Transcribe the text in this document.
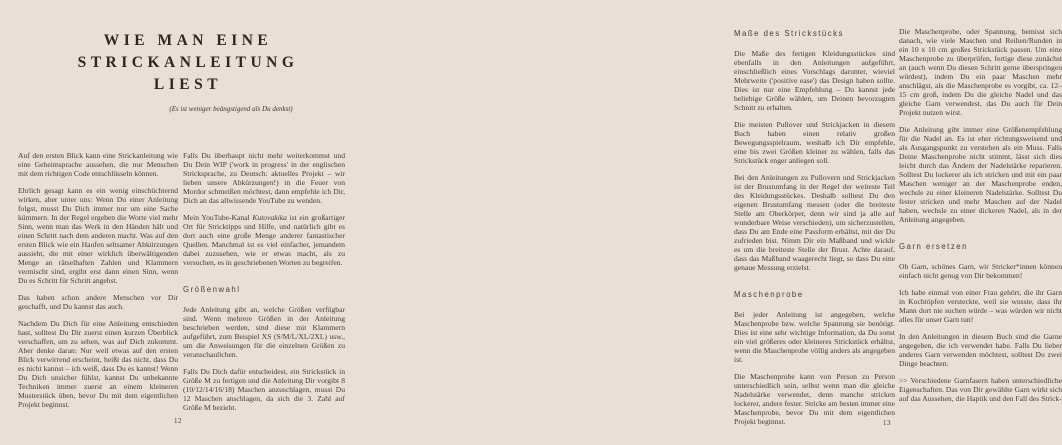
WIE MAN EINE
STRICKANLEITUNG
LIEST

(Es ist weniger beängstigend als Du denkst)

Auf den ersten Blick kann eine Strickanleitung wie eine Geheimsprache aussehen, die nur Menschen mit dem richtigen Code entschlüsseln können.

Ehrlich gesagt kann es ein wenig einschüchternd wirken, aber unter uns: Wenn Du einer Anleitung folgst, musst Du Dich immer nur um eine Sache kümmern. In der Regel ergeben die Worte viel mehr Sinn, wenn man das Werk in den Händen hält und einen Schritt nach dem anderen macht. Was auf den ersten Blick wie ein Haufen seltsamer Abkürzungen aussieht, die mit einer wirklich überwältigenden Menge an rätselhaften Zahlen und Klammern vermischt sind, ergibt erst dann einen Sinn, wenn Du es Schritt für Schritt angehst.

Das haben schon andere Menschen vor Dir geschafft, und Du kannst das auch.

Nachdem Du Dich für eine Anleitung entschieden hast, solltest Du Dir zuerst einen kurzen Überblick verschaffen, um zu sehen, was auf Dich zukommt. Aber denke daran: Nur weil etwas auf den ersten Blick verwirrend erscheint, heißt das nicht, dass Du es nicht kannst – ich weiß, dass Du es kannst! Wenn Du Dich unsicher fühlst, kannst Du unbekannte Techniken immer zuerst an einem kleineren Musterstück üben, bevor Du mit dem eigentlichen Projekt beginnst.

Falls Du überhaupt nicht mehr weiterkommst und Du Dein WIP ('work in progress' in der englischen Stricksprache, zu Deutsch: aktuelles Projekt – wir lieben unsere Abkürzungen!) in die Feuer von Mordor schmeißen möchtest, dann empfehle ich Dir, Dich an das allwissende YouTube zu wenden.

Mein YouTube-Kanal Kutovakika ist ein großartiger Ort für Stricktipps und Hilfe, und natürlich gibt es dort auch eine große Menge anderer fantastischer Quellen. Manchmal ist es viel einfacher, jemandem dabei zuzusehen, wie er etwas macht, als zu versuchen, es in geschriebenen Worten zu begreifen.

Größenwahl

Jede Anleitung gibt an, welche Größen verfügbar sind. Wenn mehrere Größen in der Anleitung beschrieben werden, sind diese mit Klammern aufgeführt, zum Beispiel XS (S/M/L/XL/2XL) usw., um die Anweisungen für die einzelnen Größen zu veranschaulichen.

Falls Du Dich dafür entscheidest, ein Strickstück in Größe M zu fertigen und die Anleitung Dir vorgibt 8 (10/12/14/16/18) Maschen anzuschlagen, musst Du 12 Maschen anschlagen, da sich die 3. Zahl auf Größe M bezieht.

12
Maße des Strickstücks

Die Maße des fertigen Kleidungsstückes sind ebenfalls in den Anleitungen aufgeführt, einschließlich eines Vorschlags darunter, wieviel Mehrweite ('positive ease') das Design haben sollte. Dies ist nur eine Empfehlung – Du kannst jede beliebige Größe wählen, um Deinen bevorzugten Schnitt zu erhalten.

Die meisten Pullover und Strickjacken in diesem Buch haben einen relativ großen Bewegungsspielraum, weshalb ich Dir empfehle, eine bis zwei Größen kleiner zu wählen, falls das Strickstück enger anliegen soll.

Bei den Anleitungen zu Pullovern und Strickjacken ist der Brustumfang in der Regel der weiteste Teil des Kleidungsstückes. Deshalb solltest Du den eigenen Brustumfang messen (oder die breiteste Stelle am Oberkörper, denn wir sind ja alle auf wunderbare Weise verschieden), um sicherzustellen, dass Du am Ende eine Passform erhältst, mit der Du zufrieden bist. Nimm Dir ein Maßband und wickle es um die breiteste Stelle der Brust. Achte darauf, dass das Maßband waagerecht liegt, so dass Du eine genaue Messung erzielst.

Maschenprobe

Bei jeder Anleitung ist angegeben, welche Maschenprobe bzw. welche Spannung sie benötigt. Dies ist eine sehr wichtige Information, da Du sonst ein viel größeres oder kleineres Strickstück erhältst, wenn die Maschenprobe völlig anders als angegeben ist.

Die Maschenprobe kann von Person zu Person unterschiedlich sein, selbst wenn man die gleiche Nadelstärke verwendet, denn manche stricken lockerer, andere fester. Stricke am besten immer eine Maschenprobe, bevor Du mit dem eigentlichen Projekt beginnst.

Die Maschenprobe, oder Spannung, bemisst sich danach, wie viele Maschen und Reihen/Runden in ein 10 x 10 cm großes Strickstück passen. Um eine Maschenprobe zu überprüfen, fertige diese zunächst an (auch wenn Du diesen Schritt gerne überspringen würdest), indem Du ein paar Maschen mehr anschlägst, als die Maschenprobe es vorgibt, ca. 12–15 cm groß, indem Du die gleiche Nadel und das gleiche Garn verwendest, das Du auch für Dein Projekt nutzen wirst.

Die Anleitung gibt immer eine Größenempfehlung für die Nadel an. Es ist eher richtungsweisend und als Ausgangspunkt zu verstehen als ein Muss. Falls Deine Maschenprobe nicht stimmt, lässt sich dies leicht durch das Ändern der Nadelstärke reparieren. Solltest Du lockerer als ich stricken und mit ein paar Maschen weniger an der Maschenprobe enden, wechsle zu einer kleineren Nadelstärke. Solltest Du fester stricken und mehr Maschen auf der Nadel haben, wechsle zu einer dickeren Nadel, als in der Anleitung angegeben.

Garn ersetzen

Oh Garn, schönes Garn, wir Stricker*innen können einfach nicht genug von Dir bekommen!

Ich habe einmal von einer Frau gehört, die ihr Garn in Kochtöpfen versteckte, weil sie wusste, dass ihr Mann dort nie suchen würde – was würden wir nicht alles für unser Garn tun!

In den Anleitungen in diesem Buch sind die Garne angegeben, die ich verwendet habe. Falls Du lieber anderes Garn verwenden möchtest, solltest Du zwei Dinge beachten:

>> Verschiedene Garnfasern haben unterschiedliche Eigenschaften. Das von Dir gewählte Garn wirkt sich auf das Aussehen, die Haptik und den Fall des Strick-

13
